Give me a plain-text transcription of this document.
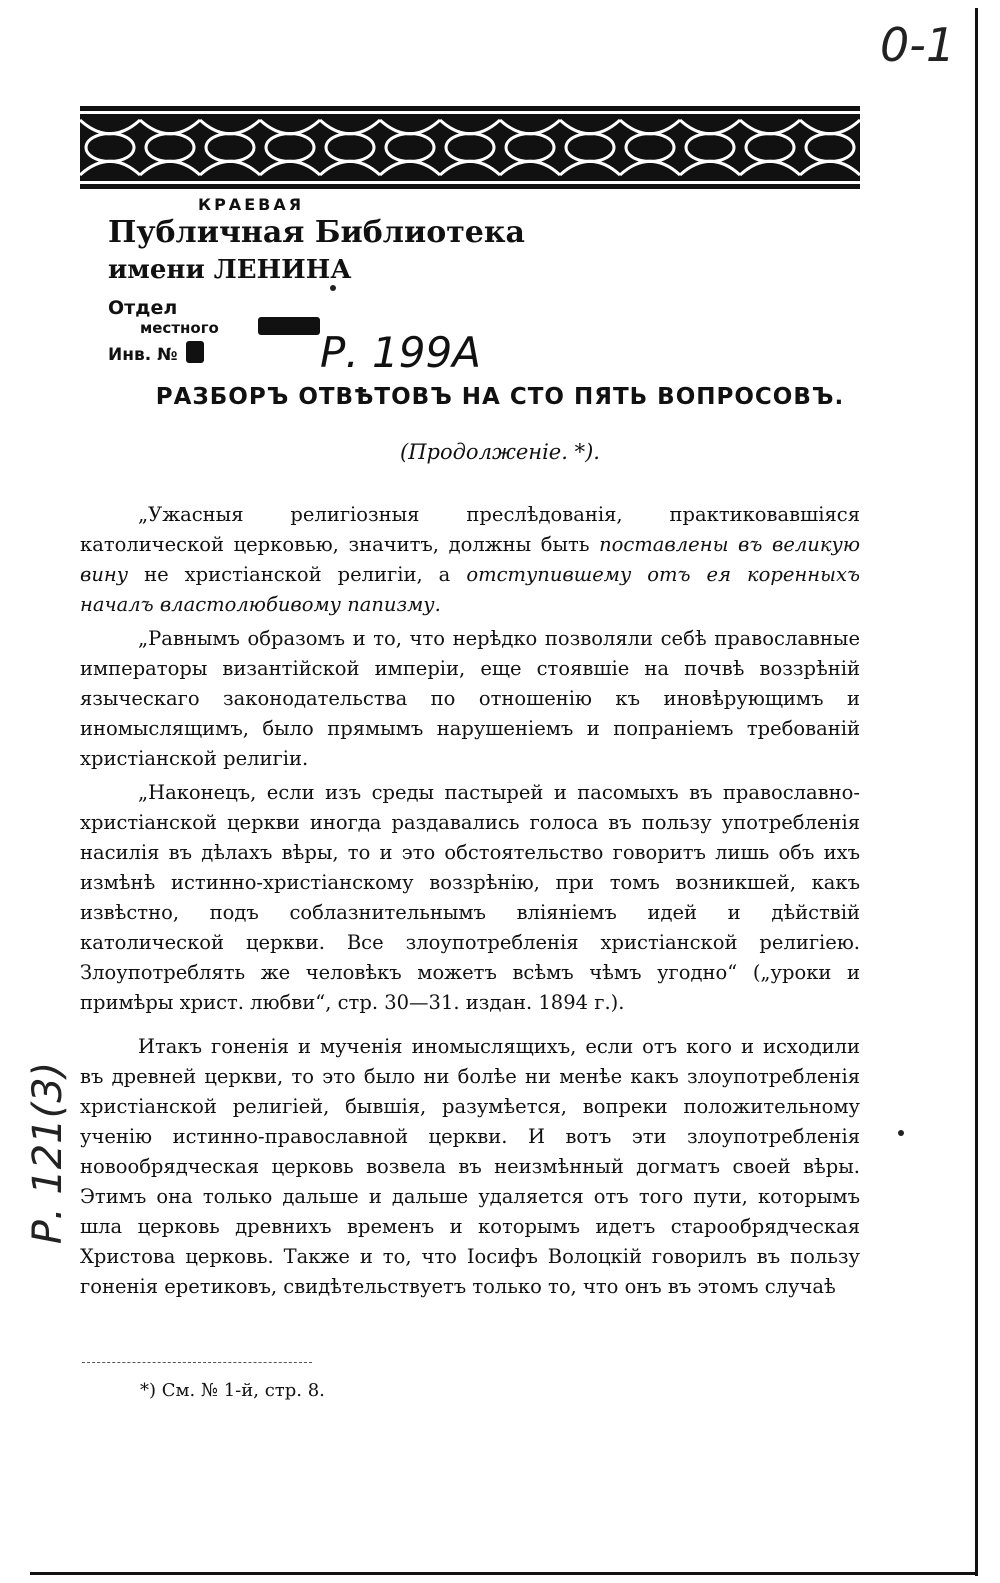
0-1
КРАЕВАЯ
Публичная Библиотека
имени ЛЕНИНА
Отдел
местного
Инв. №	Р. 199А
РАЗБОРЪ ОТВѢТОВЪ НА СТО ПЯТЬ ВОПРОСОВЪ.
(Продолженіе. *).

„Ужасныя религіозныя преслѣдованія, практиковавшіяся католической церковью, значитъ, должны быть поставлены въ великую вину не христіанской религіи, а отступившему отъ ея коренныхъ началъ властолюбивому папизму.

„Равнымъ образомъ и то, что нерѣдко позволяли себѣ православные императоры византійской имперіи, еще стоявшіе на почвѣ воззрѣній языческаго законодательства по отношенію къ иновѣрующимъ и иномыслящимъ, было прямымъ нарушеніемъ и попраніемъ требованій христіанской религіи.

„Наконецъ, если изъ среды пастырей и пасомыхъ въ православно-христіанской церкви иногда раздавались голоса въ пользу употребленія насилія въ дѣлахъ вѣры, то и это обстоятельство говоритъ лишь объ ихъ измѣнѣ истинно-христіанскому воззрѣнію, при томъ возникшей, какъ извѣстно, подъ соблазнительнымъ вліяніемъ идей и дѣйствій католической церкви. Все злоупотребленія христіанской религіею. Злоупотреблять же человѣкъ можетъ всѣмъ чѣмъ угодно“ („уроки и примѣры христ. любви“, стр. 30—31. издан. 1894 г.).

Итакъ гоненія и мученія иномыслящихъ, если отъ кого и исходили въ древней церкви, то это было ни болѣе ни менѣе какъ злоупотребленія христіанской религіей, бывшія, разумѣется, вопреки положительному ученію истинно-православной церкви. И вотъ эти злоупотребленія новообрядческая церковь возвела въ неизмѣнный догматъ своей вѣры. Этимъ она только дальше и дальше удаляется отъ того пути, которымъ шла церковь древнихъ временъ и которымъ идетъ старообрядческая Христова церковь. Также и то, что Іосифъ Волоцкій говорилъ въ пользу гоненія еретиковъ, свидѣтельствуетъ только то, что онъ въ этомъ случаѣ

*) См. № 1-й, стр. 8.
Р. 121(3)
